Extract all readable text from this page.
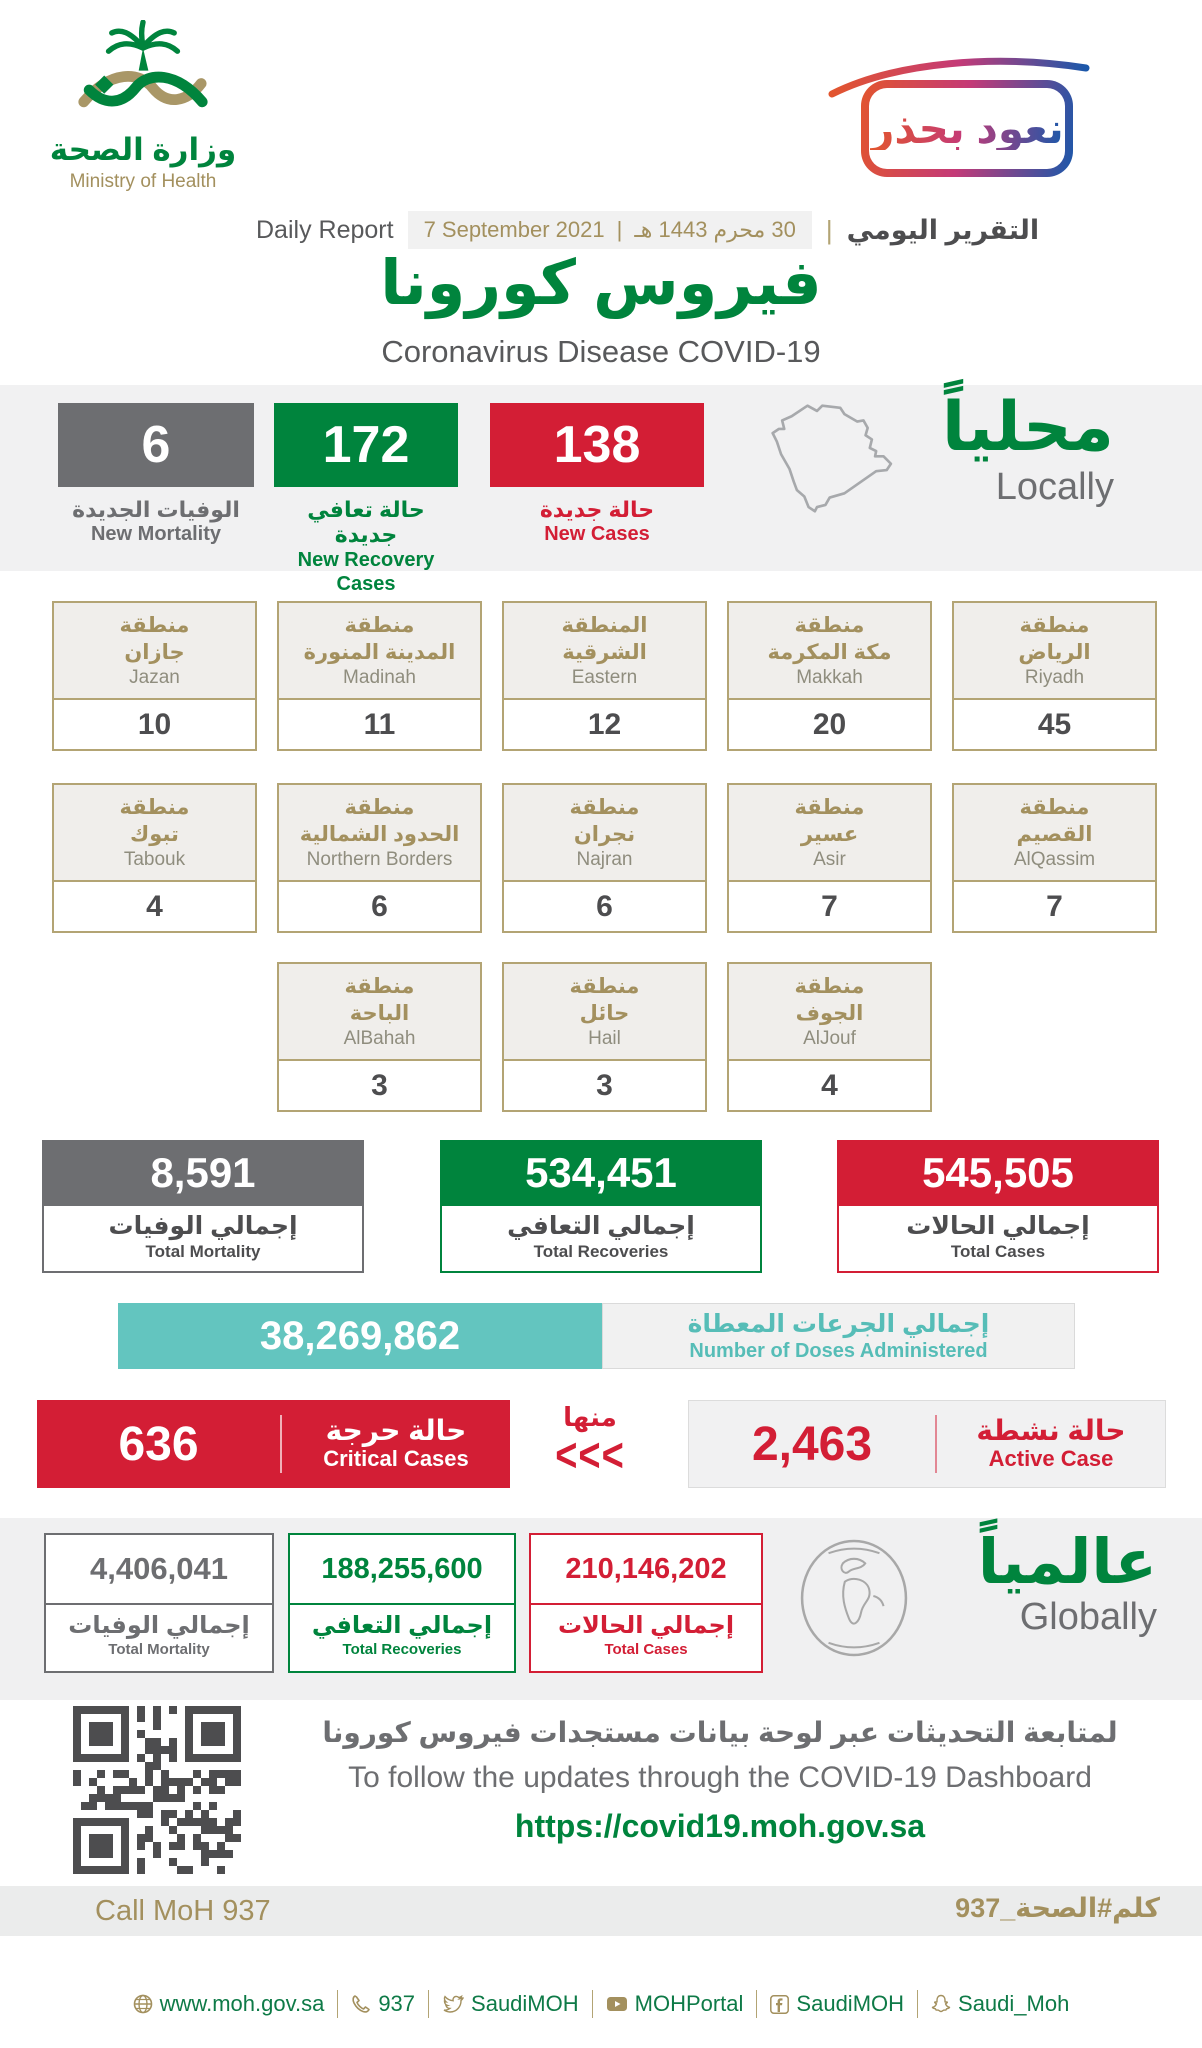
وزارة الصحة
Ministry of Health
نعود بحذر
Daily Report 7 September 2021 | 30 محرم 1443 هـ | التقرير اليومي
فيروس كورونا
Coronavirus Disease COVID-19
6
الوفيات الجديدة
New Mortality
172
حالة تعافي جديدة
New Recovery Cases
138
حالة جديدة
New Cases
محلياً
Locally
منطقة
جازان
Jazan
10
منطقة
المدينة المنورة
Madinah
11
المنطقة
الشرقية
Eastern
12
منطقة
مكة المكرمة
Makkah
20
منطقة
الرياض
Riyadh
45
منطقة
تبوك
Tabouk
4
منطقة
الحدود الشمالية
Northern Borders
6
منطقة
نجران
Najran
6
منطقة
عسير
Asir
7
منطقة
القصيم
AlQassim
7
منطقة
الباحة
AlBahah
3
منطقة
حائل
Hail
3
منطقة
الجوف
AlJouf
4
8,591
إجمالي الوفيات
Total Mortality
534,451
إجمالي التعافي
Total Recoveries
545,505
إجمالي الحالات
Total Cases
38,269,862	إجمالي الجرعات المعطاة
Number of Doses Administered
636	حالة حرجة
Critical Cases
منها
<<<	2,463	حالة نشطة
Active Case
4,406,041
إجمالي الوفيات
Total Mortality
188,255,600
إجمالي التعافي
Total Recoveries
210,146,202
إجمالي الحالات
Total Cases
عالمياً
Globally
لمتابعة التحديثات عبر لوحة بيانات مستجدات فيروس كورونا
To follow the updates through the COVID-19 Dashboard
https://covid19.moh.gov.sa
Call MoH 937	كلم#الصحة_937
www.moh.gov.sa 937	SaudiMOH	MOHPortal SaudiMOH Saudi_Moh
